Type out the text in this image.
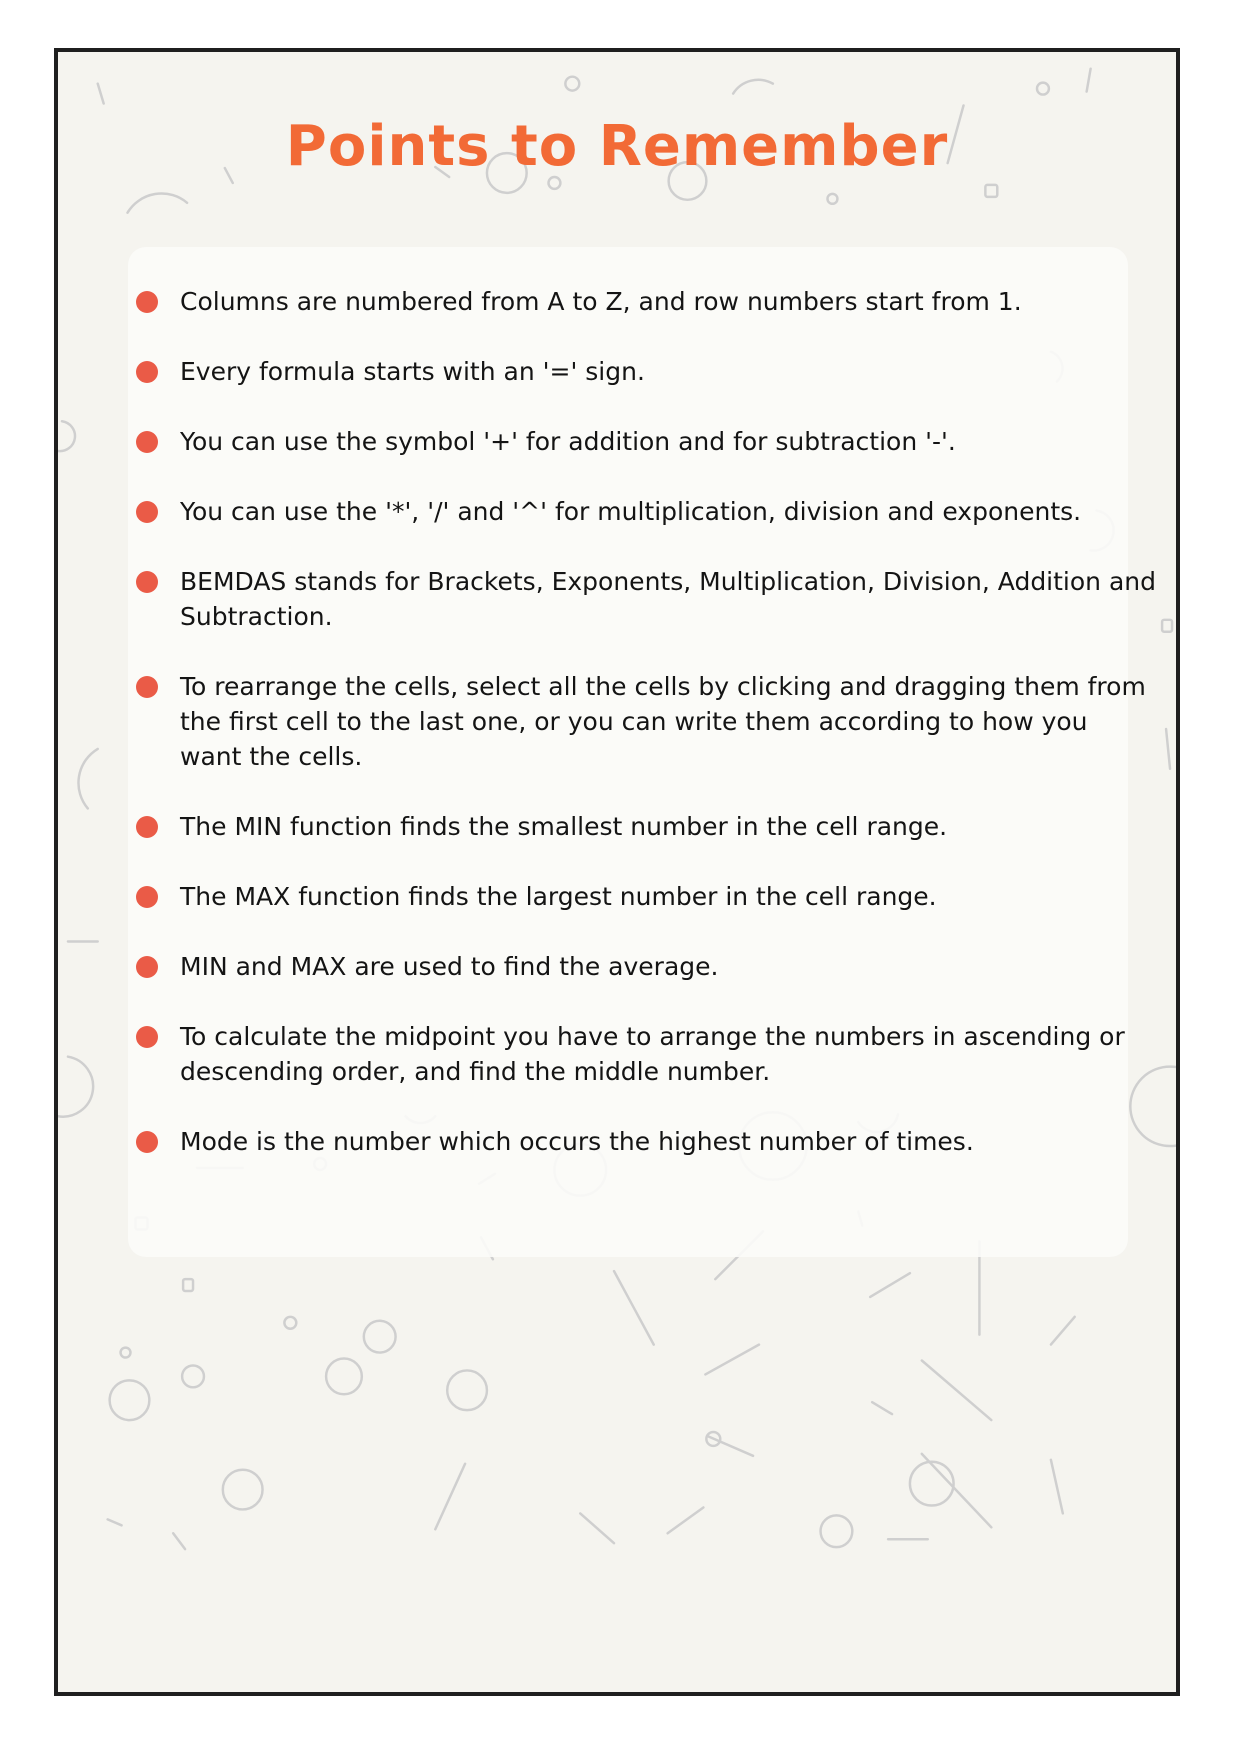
Points to Remember
Columns are numbered from A to Z, and row numbers start from 1.
Every formula starts with an '=' sign.
You can use the symbol '+' for addition and for subtraction '-'.
You can use the '*', '/' and '^' for multiplication, division and exponents.
BEMDAS stands for Brackets, Exponents, Multiplication, Division, Addition and Subtraction.
To rearrange the cells, select all the cells by clicking and dragging them from the first cell to the last one, or you can write them according to how you want the cells.
The MIN function finds the smallest number in the cell range.
The MAX function finds the largest number in the cell range.
MIN and MAX are used to find the average.
To calculate the midpoint you have to arrange the numbers in ascending or descending order, and find the middle number.
Mode is the number which occurs the highest number of times.
